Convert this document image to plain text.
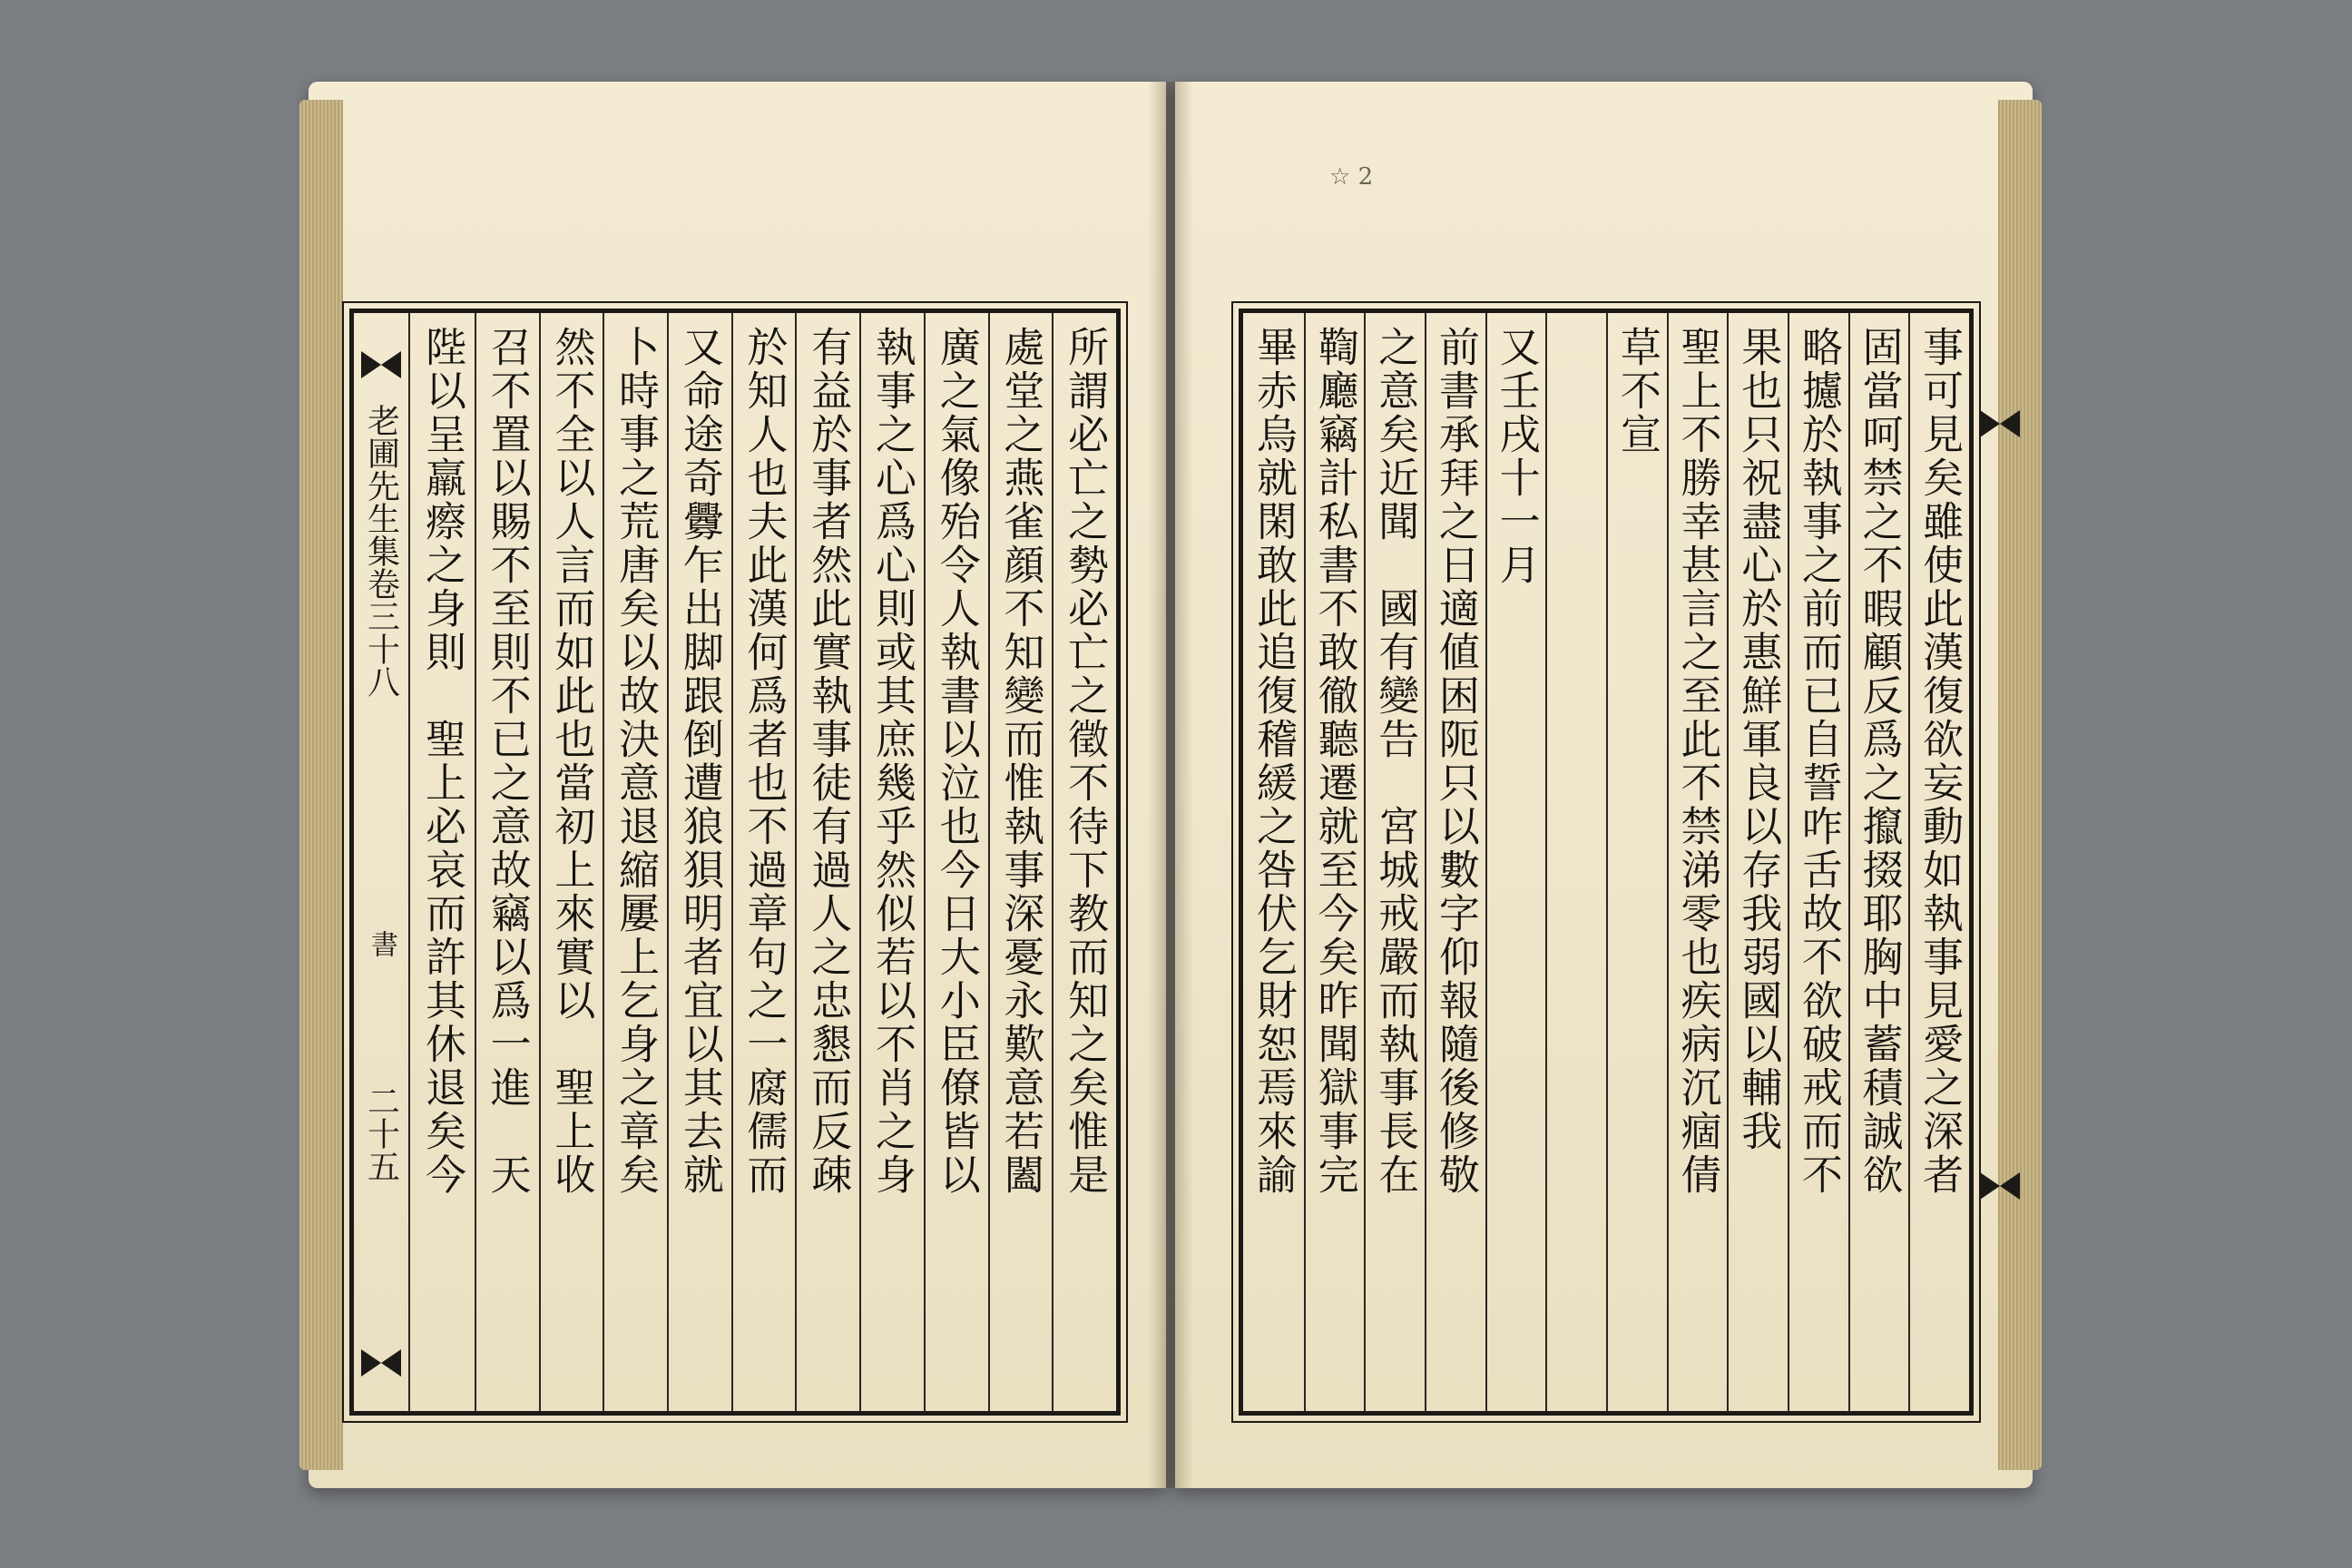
所謂必亡之勢必亡之徵不待下教而知之矣惟是
處堂之燕雀顔不知變而惟執事深憂永歎意若闔
廣之氣像殆令人執書以泣也今日大小臣僚皆以
執事之心爲心則或其庶幾乎然似若以不肖之身
有益於事者然此實執事徒有過人之忠懇而反疎
於知人也夫此漢何爲者也不過章句之一腐儒而
又命途奇釁乍出脚跟倒遭狼狽明者宜以其去就
卜時事之荒唐矣以故決意退縮屢上乞身之章矣
然不全以人言而如此也當初上來實以　聖上收
召不置以賜不至則不已之意故竊以爲一進　天
陛以呈羸瘵之身則　聖上必哀而許其休退矣今
老圃先生集卷三十八
書
二十五
☆ 2
事可見矣雖使此漢復欲妄動如執事見愛之深者
固當呵禁之不暇顧反爲之攛掇耶胸中蓄積誠欲
略攄於執事之前而已自誓咋舌故不欲破戒而不
果也只祝盡心於惠鮮軍良以存我弱國以輔我
聖上不勝幸甚言之至此不禁涕零也疾病沉痼倩
草不宣
又壬戌十一月
前書承拜之日適値困阨只以數字仰報隨後修敬
之意矣近聞　國有變告　宮城戒嚴而執事長在
鞫廳竊計私書不敢徹聽遷就至今矣昨聞獄事完
畢赤烏就閑敢此追復稽緩之咎伏乞財恕焉來諭
